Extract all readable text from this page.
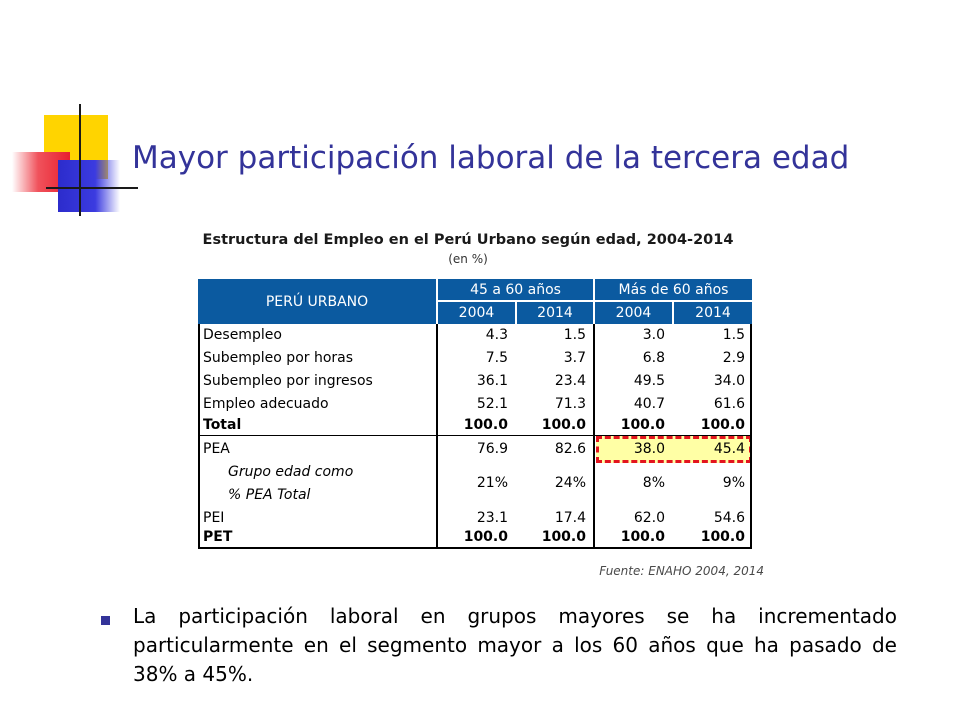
Mayor participación laboral de la tercera edad
Estructura del Empleo en el Perú Urbano según edad, 2004-2014
(en %)
PERÚ URBANO
45 a 60 años	Más de 60 años
2004	2014	2004	2014
Desempleo	4.3	1.5	3.0	1.5
Subempleo por horas	7.5	3.7	6.8	2.9
Subempleo por ingresos	36.1	23.4	49.5	34.0
Empleo adecuado	52.1	71.3	40.7	61.6
Total	100.0	100.0	100.0	100.0
PEA	76.9	82.6	38.0	45.4
Grupo edad como
% PEA Total
21%	24%	8%	9%
PEI	23.1	17.4	62.0	54.6
PET	100.0	100.0	100.0	100.0
Fuente: ENAHO 2004, 2014
La participación laboral en grupos mayores se ha incrementado particularmente en el segmento mayor a los 60 años que ha pasado de 38% a 45%.
